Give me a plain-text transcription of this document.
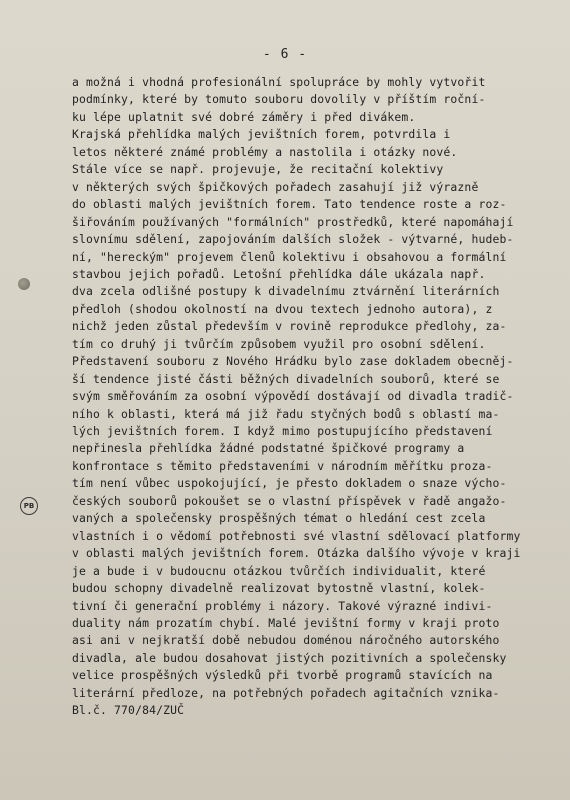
PB
- 6 -
a možná i vhodná profesionální spolupráce by mohly vytvořit
podmínky, které by tomuto souboru dovolily v příštím roční-
ku lépe uplatnit své dobré záměry i před divákem.
Krajská přehlídka malých jevištních forem, potvrdila i
letos některé známé problémy a nastolila i otázky nové.
Stále více se např. projevuje, že recitační kolektivy
v některých svých špičkových pořadech zasahují již výrazně
do oblasti malých jevištních forem. Tato tendence roste a roz-
šiřováním používaných "formálních" prostředků, které napomáhají
slovnímu sdělení, zapojováním dalších složek - výtvarné, hudeb-
ní, "hereckým" projevem členů kolektivu i obsahovou a formální
stavbou jejich pořadů. Letošní přehlídka dále ukázala např.
dva zcela odlišné postupy k divadelnímu ztvárnění literárních
předloh (shodou okolností na dvou textech jednoho autora), z
nichž jeden zůstal především v rovině reprodukce předlohy, za-
tím co druhý ji tvůrčím způsobem využil pro osobní sdělení.
Představení souboru z Nového Hrádku bylo zase dokladem obecněj-
ší tendence jisté části běžných divadelních souborů, které se
svým směřováním za osobní výpovědí dostávají od divadla tradič-
ního k oblasti, která má již řadu styčných bodů s oblastí ma-
lých jevištních forem. I když mimo postupujícího představení
nepřinesla přehlídka žádné podstatné špičkové programy a
konfrontace s těmito představeními v národním měřítku proza-
tím není vůbec uspokojující, je přesto dokladem o snaze výcho-
českých souborů pokoušet se o vlastní příspěvek v řadě angažo-
vaných a společensky prospěšných témat o hledání cest zcela
vlastních i o vědomí potřebnosti své vlastní sdělovací platformy
v oblasti malých jevištních forem. Otázka dalšího vývoje v kraji
je a bude i v budoucnu otázkou tvůrčích individualit, které
budou schopny divadelně realizovat bytostně vlastní, kolek-
tivní či generační problémy i názory. Takové výrazné indivi-
duality nám prozatím chybí. Malé jevištní formy v kraji proto
asi ani v nejkratší době nebudou doménou náročného autorského
divadla, ale budou dosahovat jistých pozitivních a společensky
velice prospěšných výsledků při tvorbě programů stavících na
literární předloze, na potřebných pořadech agitačních vznika-
Bl.č. 770/84/ZUČ
